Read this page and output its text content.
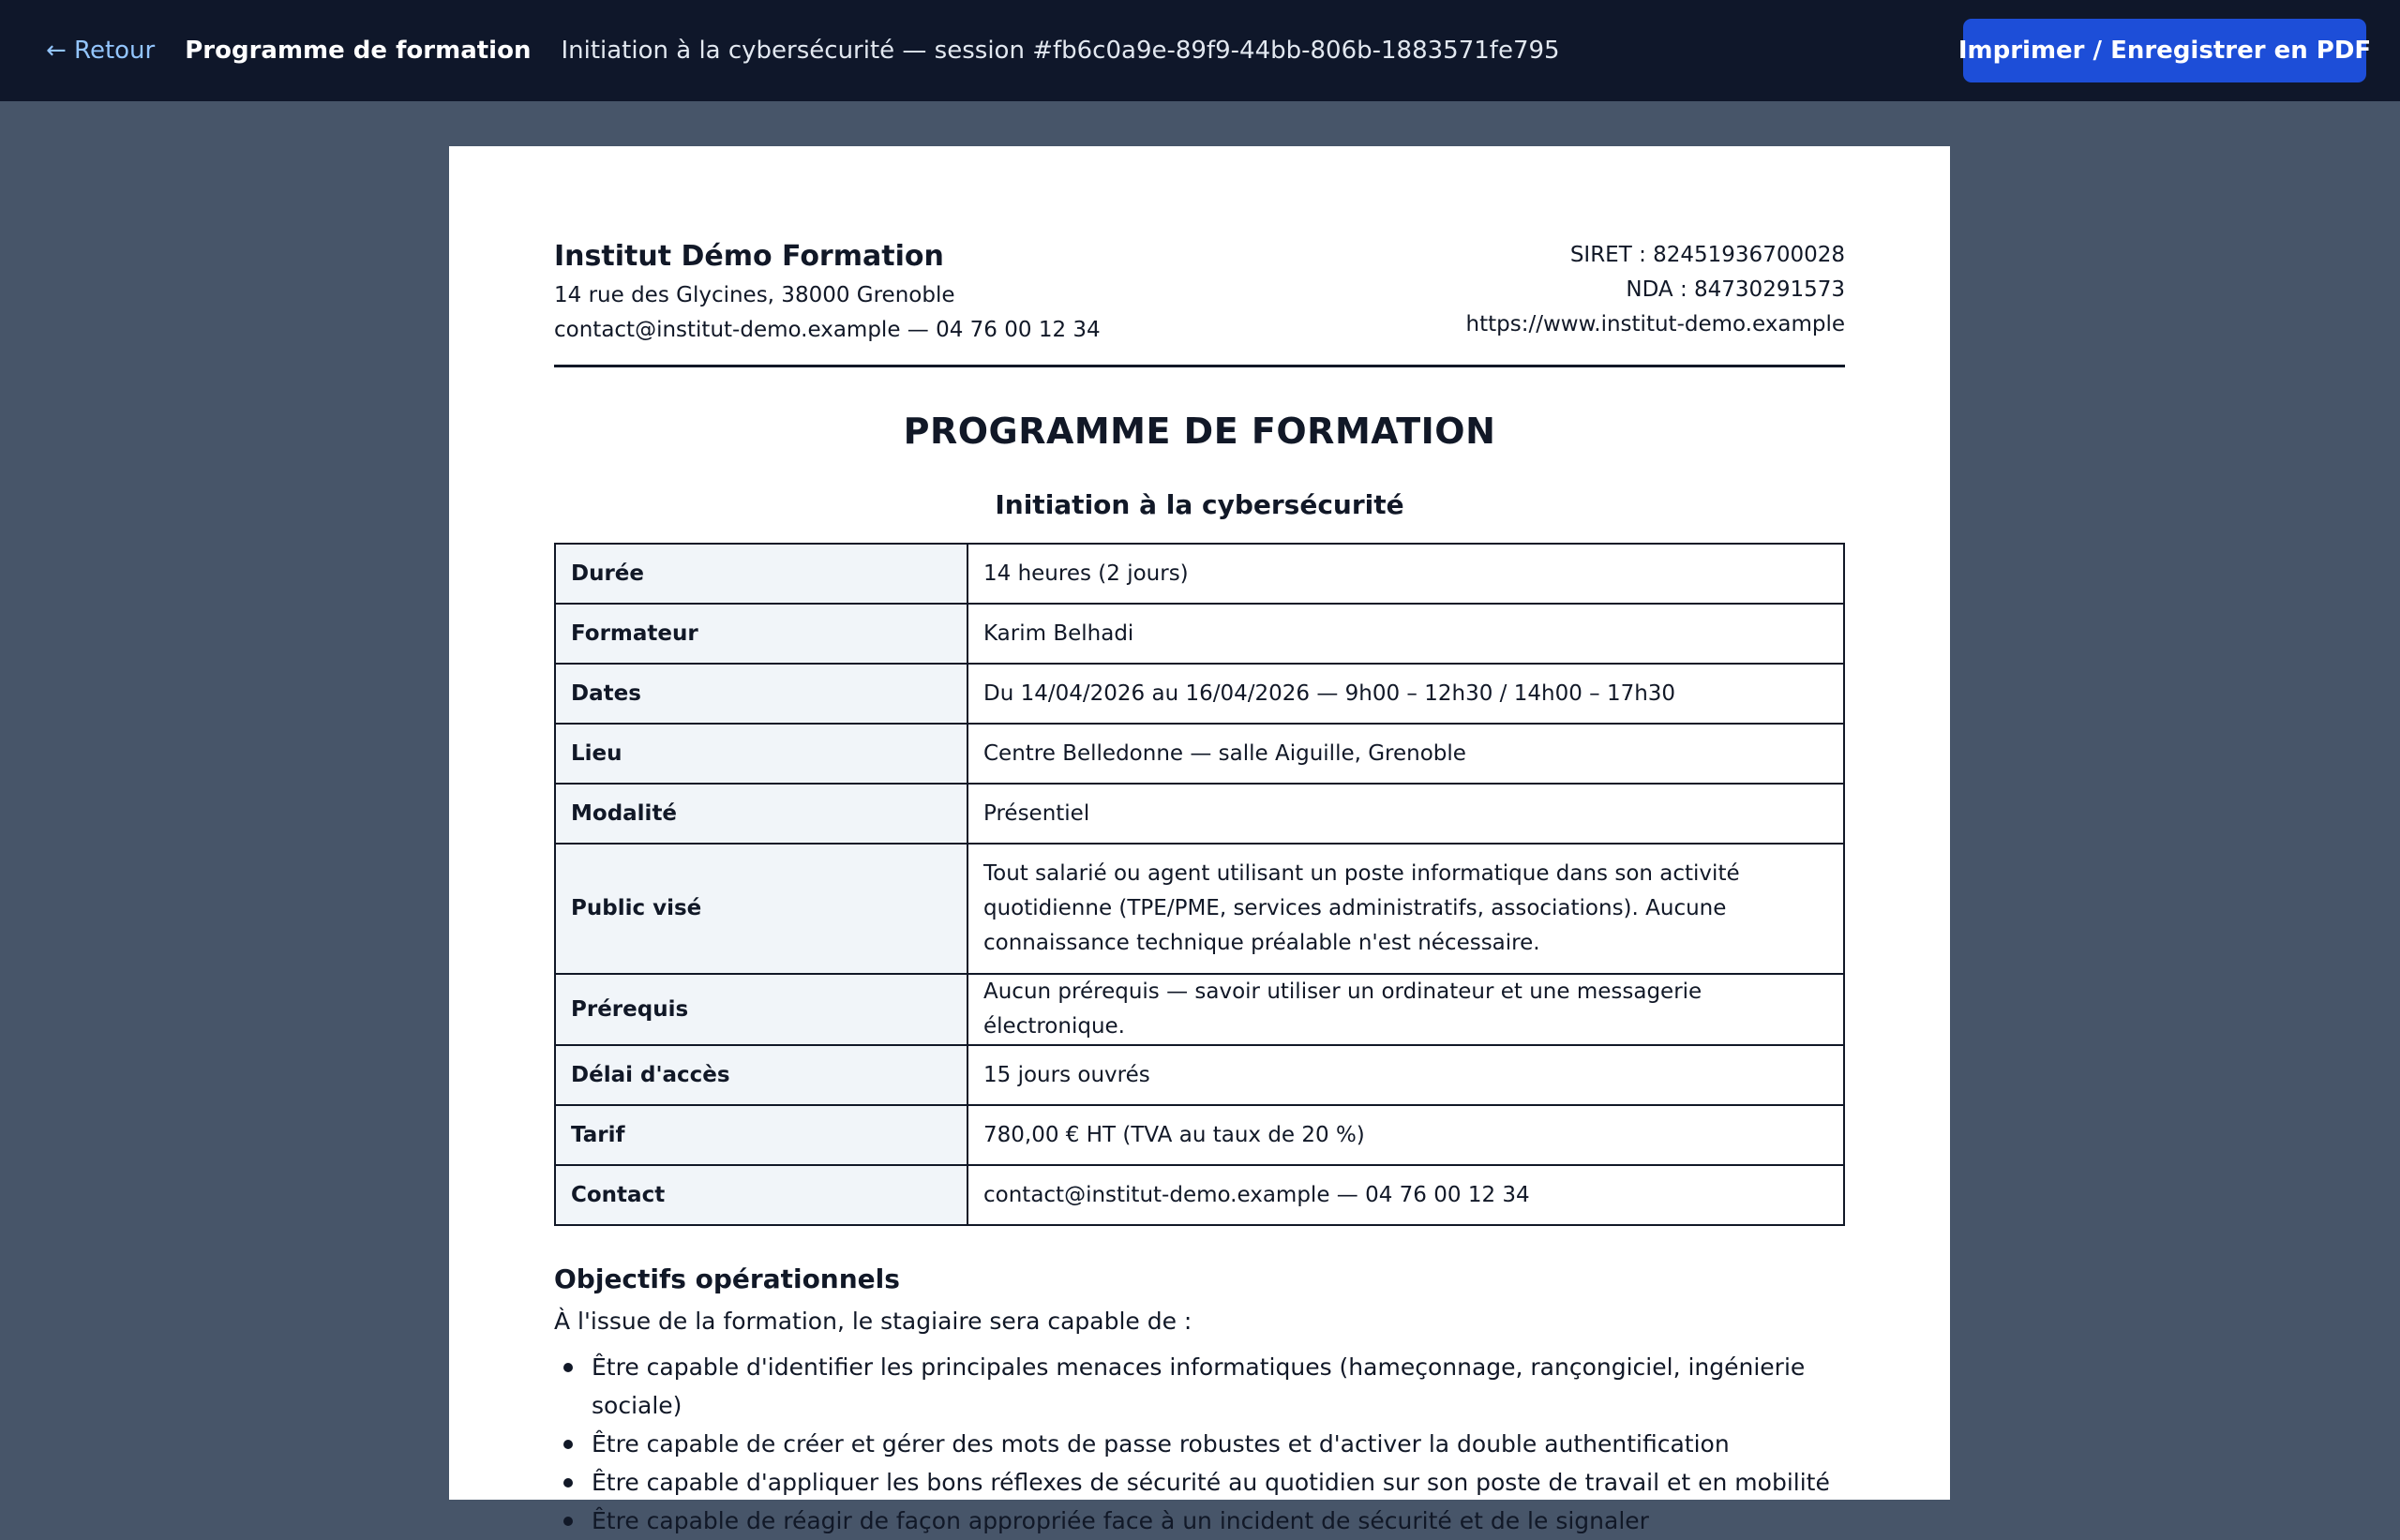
← Retour Programme de formation Initiation à la cybersécurité — session #fb6c0a9e-89f9-44bb-806b-1883571fe795	Imprimer / Enregistrer en PDF
Institut Démo Formation
14 rue des Glycines, 38000 Grenoble
contact@institut-demo.example — 04 76 00 12 34
SIRET : 82451936700028
NDA : 84730291573
https://www.institut-demo.example
PROGRAMME DE FORMATION
Initiation à la cybersécurité
Durée	14 heures (2 jours)
Formateur	Karim Belhadi
Dates	Du 14/04/2026 au 16/04/2026 — 9h00 – 12h30 / 14h00 – 17h30
Lieu	Centre Belledonne — salle Aiguille, Grenoble
Modalité	Présentiel
Public visé	Tout salarié ou agent utilisant un poste informatique dans son activité quotidienne (TPE/PME, services administratifs, associations). Aucune connaissance technique préalable n'est nécessaire.
Prérequis	Aucun prérequis — savoir utiliser un ordinateur et une messagerie électronique.
Délai d'accès	15 jours ouvrés
Tarif	780,00 € HT (TVA au taux de 20 %)
Contact	contact@institut-demo.example — 04 76 00 12 34
Objectifs opérationnels
À l'issue de la formation, le stagiaire sera capable de :
Être capable d'identifier les principales menaces informatiques (hameçonnage, rançongiciel, ingénierie sociale)
Être capable de créer et gérer des mots de passe robustes et d'activer la double authentification
Être capable d'appliquer les bons réflexes de sécurité au quotidien sur son poste de travail et en mobilité
Être capable de réagir de façon appropriée face à un incident de sécurité et de le signaler
